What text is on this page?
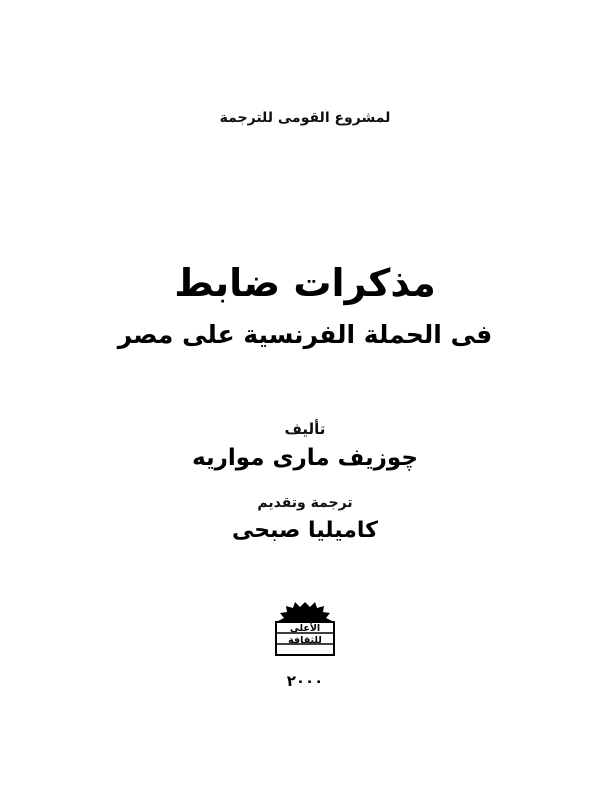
لمشروع القومى للترجمة
مذكرات ضابط
فى الحملة الفرنسية على مصر
تأليف
چوزيف مارى مواريه
ترجمة وتقديم
كاميليا صبحى
المجلس
الأعلى
للثقافة
٢٠٠٠
